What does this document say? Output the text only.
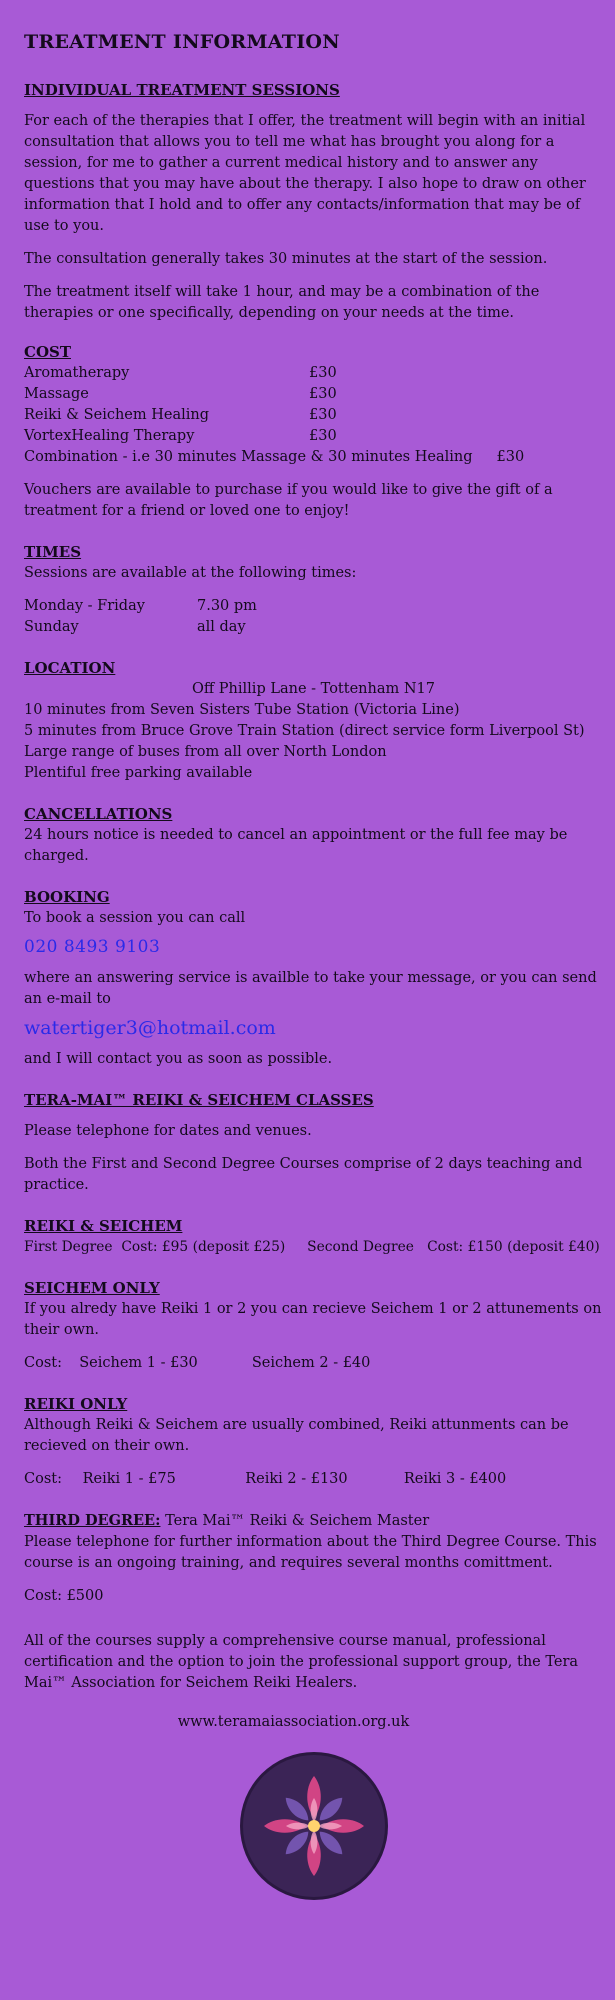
TREATMENT INFORMATION
INDIVIDUAL TREATMENT SESSIONS

For each of the therapies that I offer, the treatment will begin with an initial consultation that allows you to tell me what has brought you along for a session, for me to gather a current medical history and to answer any questions that you may have about the therapy. I also hope to draw on other information that I hold and to offer any contacts/information that may be of use to you.

The consultation generally takes 30 minutes at the start of the session.

The treatment itself will take 1 hour, and may be a combination of the therapies or one specifically, depending on your needs at the time.

COST
Aromatherapy	£30
Massage	£30
Reiki & Seichem Healing	£30
VortexHealing Therapy	£30
Combination - i.e 30 minutes Massage & 30 minutes Healing £30

Vouchers are available to purchase if you would like to give the gift of a treatment for a friend or loved one to enjoy!

TIMES

Sessions are available at the following times:

Monday - Friday	7.30 pm
Sunday	all day
LOCATION
Off Phillip Lane - Tottenham N17
10 minutes from Seven Sisters Tube Station (Victoria Line)
5 minutes from Bruce Grove Train Station (direct service form Liverpool St)
Large range of buses from all over North London
Plentiful free parking available
CANCELLATIONS
24 hours notice is needed to cancel an appointment or the full fee may be charged.
BOOKING
To book a session you can call
020 8493 9103
where an answering service is availble to take your message, or you can send an e-mail to
watertiger3@hotmail.com
and I will contact you as soon as possible.
TERA-MAI™ REIKI & SEICHEM CLASSES

Please telephone for dates and venues.

Both the First and Second Degree Courses comprise of 2 days teaching and practice.

REIKI & SEICHEM
First Degree  Cost: £95 (deposit £25)     Second Degree   Cost: £150 (deposit £40)
SEICHEM ONLY

If you alredy have Reiki 1 or 2 you can recieve Seichem 1 or 2 attunements on their own.

Cost: Seichem 1 - £30	Seichem 2 - £40
REIKI ONLY

Although Reiki & Seichem are usually combined, Reiki attunments can be recieved on their own.

Cost: Reiki 1 - £75	Reiki 2 - £130	Reiki 3 - £400
THIRD DEGREE: Tera Mai™ Reiki & Seichem Master

Please telephone for further information about the Third Degree Course. This course is an ongoing training, and requires several months comittment.

Cost: £500
All of the courses supply a comprehensive course manual, professional certification and the option to join the professional support group, the Tera Mai™ Association for Seichem Reiki Healers.
www.teramaiassociation.org.uk
